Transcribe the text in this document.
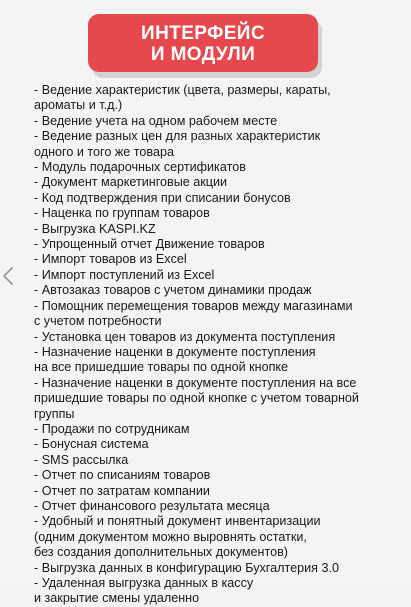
ИНТЕРФЕЙС
И МОДУЛИ
- Ведение характеристик (цвета, размеры, караты,
ароматы и т.д.)
- Ведение учета на одном рабочем месте
- Ведение разных цен для разных характеристик
одного и того же товара
- Модуль подарочных сертификатов
- Документ маркетинговые акции
- Код подтверждения при списании бонусов
- Наценка по группам товаров
- Выгрузка KASPI.KZ
- Упрощенный отчет Движение товаров
- Импорт товаров из Excel
- Импорт поступлений из Excel
- Автозаказ товаров с учетом динамики продаж
- Помощник перемещения товаров между магазинами
с учетом потребности
- Установка цен товаров из документа поступления
- Назначение наценки в документе поступления
на все пришедшие товары по одной кнопке
- Назначение наценки в документе поступления на все
пришедшие товары по одной кнопке с учетом товарной
группы
- Продажи по сотрудникам
- Бонусная система
- SMS рассылка
- Отчет по списаниям товаров
- Отчет по затратам компании
- Отчет финансового результата месяца
- Удобный и понятный документ инвентаризации
(одним документом можно выровнять остатки,
без создания дополнительных документов)
- Выгрузка данных в конфигурацию Бухгалтерия 3.0
- Удаленная выгрузка данных в кассу
и закрытие смены удаленно
